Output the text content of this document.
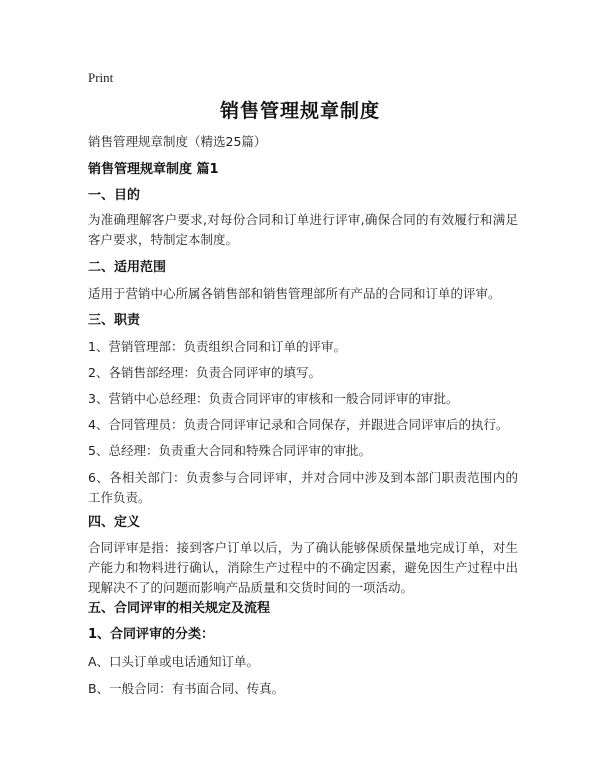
Print
销售管理规章制度
销售管理规章制度（精选25篇）
销售管理规章制度 篇1
一、目的
为准确理解客户要求,对每份合同和订单进行评审,确保合同的有效履行和满足客户要求，特制定本制度。
二、适用范围
适用于营销中心所属各销售部和销售管理部所有产品的合同和订单的评审。
三、职责
1、营销管理部：负责组织合同和订单的评审。
2、各销售部经理：负责合同评审的填写。
3、营销中心总经理：负责合同评审的审核和一般合同评审的审批。
4、合同管理员：负责合同评审记录和合同保存，并跟进合同评审后的执行。
5、总经理：负责重大合同和特殊合同评审的审批。
6、各相关部门：负责参与合同评审，并对合同中涉及到本部门职责范围内的工作负责。
四、定义
合同评审是指：接到客户订单以后，为了确认能够保质保量地完成订单，对生产能力和物料进行确认，消除生产过程中的不确定因素，避免因生产过程中出现解决不了的问题而影响产品质量和交货时间的一项活动。
五、合同评审的相关规定及流程
1、合同评审的分类：
A、口头订单或电话通知订单。
B、一般合同：有书面合同、传真。
